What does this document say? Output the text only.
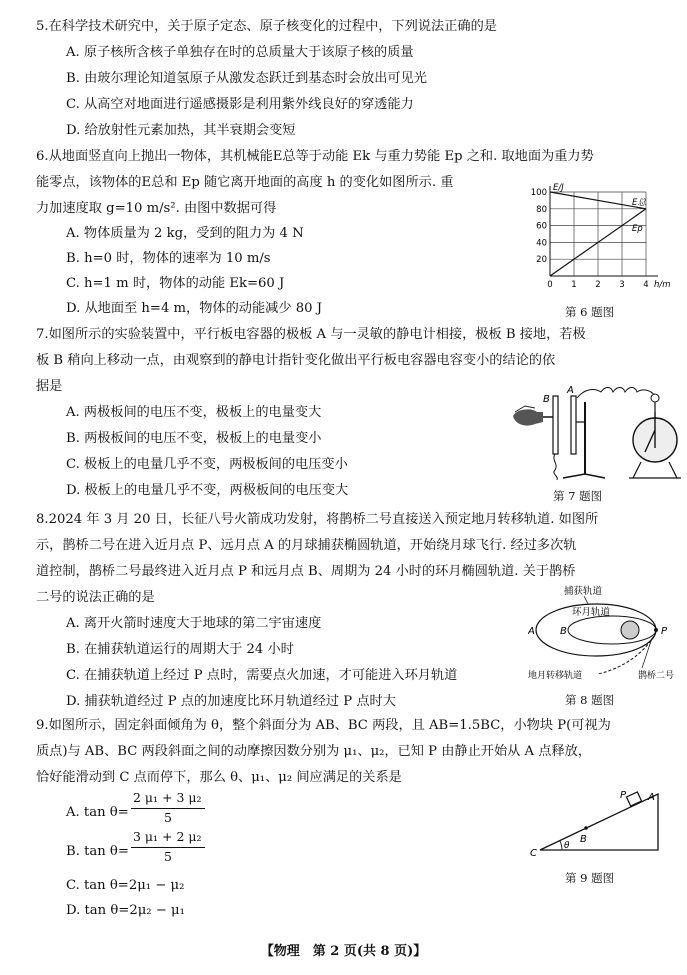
5.在科学技术研究中，关于原子定态、原子核变化的过程中，下列说法正确的是
A. 原子核所含核子单独存在时的总质量大于该原子核的质量
B. 由玻尔理论知道氢原子从激发态跃迁到基态时会放出可见光
C. 从高空对地面进行遥感摄影是利用紫外线良好的穿透能力
D. 给放射性元素加热，其半衰期会变短
6.从地面竖直向上抛出一物体，其机械能E总等于动能 Ek 与重力势能 Ep 之和. 取地面为重力势
能零点，该物体的E总和 Ep 随它离开地面的高度 h 的变化如图所示. 重
力加速度取 g=10 m/s². 由图中数据可得
A. 物体质量为 2 kg，受到的阻力为 4 N
B. h=0 时，物体的速率为 10 m/s
C. h=1 m 时，物体的动能 Ek=60 J
D. 从地面至 h=4 m，物体的动能减少 80 J
0 1 2 3 4
20
40
60
80
100
h/m
E/J
E总
Ep
第 6 题图
7.如图所示的实验装置中，平行板电容器的极板 A 与一灵敏的静电计相接，极板 B 接地，若极
板 B 稍向上移动一点，由观察到的静电计指针变化做出平行板电容器电容变小的结论的依
据是
A. 两极板间的电压不变，极板上的电量变大
B. 两极板间的电压不变，极板上的电量变小
C. 极板上的电量几乎不变，两极板间的电压变小
D. 极板上的电量几乎不变，两极板间的电压变大
B
A
第 7 题图
8.2024 年 3 月 20 日，长征八号火箭成功发射，将鹊桥二号直接送入预定地月转移轨道. 如图所
示，鹊桥二号在进入近月点 P、远月点 A 的月球捕获椭圆轨道，开始绕月球飞行. 经过多次轨
道控制，鹊桥二号最终进入近月点 P 和远月点 B、周期为 24 小时的环月椭圆轨道. 关于鹊桥
二号的说法正确的是
A. 离开火箭时速度大于地球的第二宇宙速度
B. 在捕获轨道运行的周期大于 24 小时
C. 在捕获轨道上经过 P 点时，需要点火加速，才可能进入环月轨道
D. 捕获轨道经过 P 点的加速度比环月轨道经过 P 点时大
捕获轨道
环月轨道
A	B	P
地月转移轨道	鹊桥二号
第 8 题图
9.如图所示，固定斜面倾角为 θ，整个斜面分为 AB、BC 两段，且 AB=1.5BC，小物块 P(可视为
质点)与 AB、BC 两段斜面之间的动摩擦因数分别为 μ₁、μ₂，已知 P 由静止开始从 A 点释放，
恰好能滑动到 C 点而停下，那么 θ、μ₁、μ₂ 间应满足的关系是
A. tan θ=
2 μ₁ + 3 μ₂
5
B. tan θ=
3 μ₁ + 2 μ₂
5
C. tan θ=2μ₁ − μ₂
D. tan θ=2μ₂ − μ₁
P A
B
C
θ
第 9 题图
【物理　第 2 页(共 8 页)】
